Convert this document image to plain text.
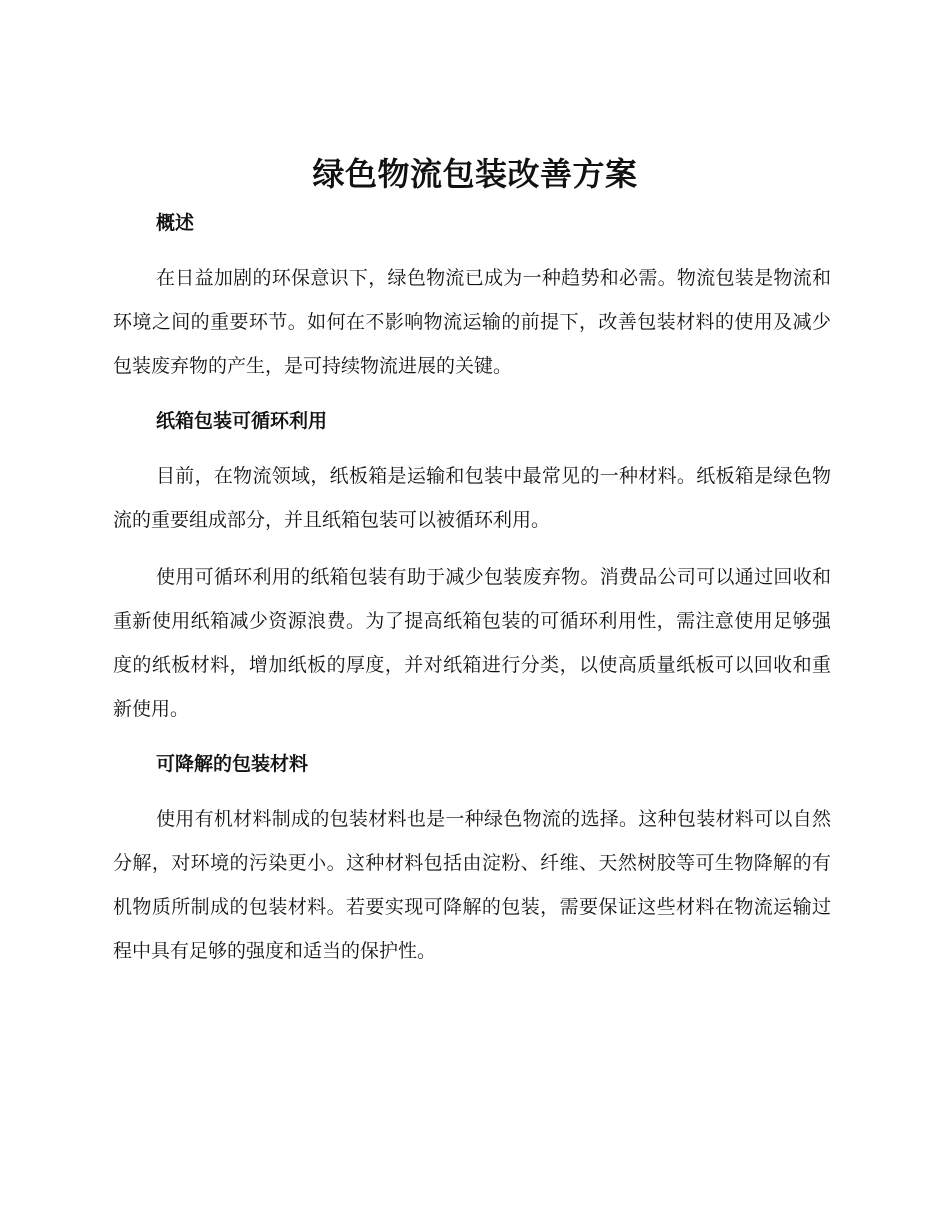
绿色物流包装改善方案
概述

在日益加剧的环保意识下，绿色物流已成为一种趋势和必需。物流包装是物流和环境之间的重要环节。如何在不影响物流运输的前提下，改善包装材料的使用及减少包装废弃物的产生，是可持续物流进展的关键。

纸箱包装可循环利用

目前，在物流领域，纸板箱是运输和包装中最常见的一种材料。纸板箱是绿色物流的重要组成部分，并且纸箱包装可以被循环利用。

使用可循环利用的纸箱包装有助于减少包装废弃物。消费品公司可以通过回收和重新使用纸箱减少资源浪费。为了提高纸箱包装的可循环利用性，需注意使用足够强度的纸板材料，增加纸板的厚度，并对纸箱进行分类，以使高质量纸板可以回收和重新使用。

可降解的包装材料

使用有机材料制成的包装材料也是一种绿色物流的选择。这种包装材料可以自然分解，对环境的污染更小。这种材料包括由淀粉、纤维、天然树胶等可生物降解的有机物质所制成的包装材料。若要实现可降解的包装，需要保证这些材料在物流运输过程中具有足够的强度和适当的保护性。
